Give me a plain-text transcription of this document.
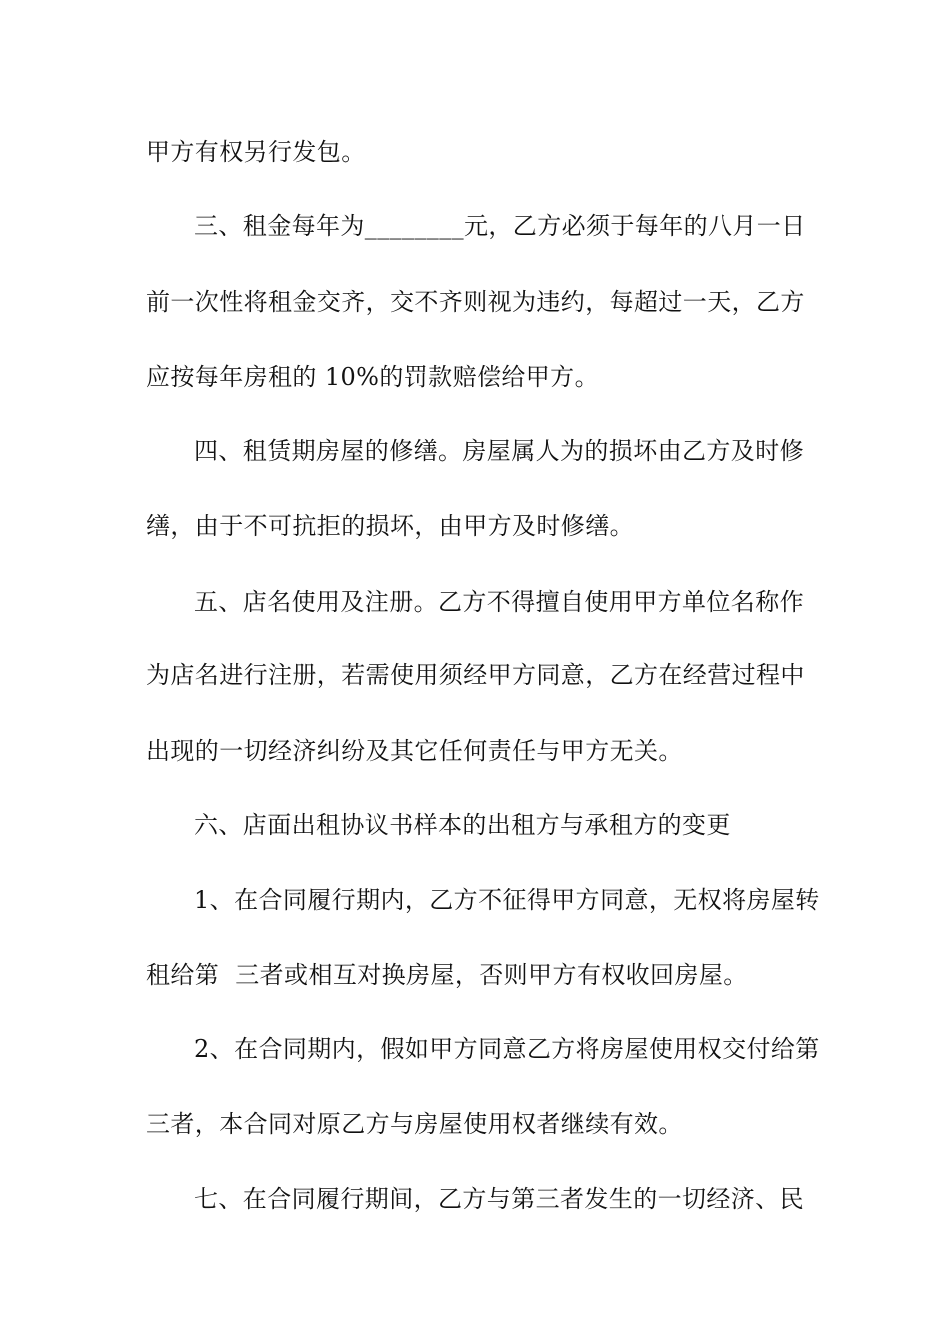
甲方有权另行发包。
三、租金每年为________元，乙方必须于每年的八月一日
前一次性将租金交齐，交不齐则视为违约，每超过一天，乙方
应按每年房租的 10%的罚款赔偿给甲方。
四、租赁期房屋的修缮。房屋属人为的损坏由乙方及时修
缮，由于不可抗拒的损坏，由甲方及时修缮。
五、店名使用及注册。乙方不得擅自使用甲方单位名称作
为店名进行注册，若需使用须经甲方同意，乙方在经营过程中
出现的一切经济纠纷及其它任何责任与甲方无关。
六、店面出租协议书样本的出租方与承租方的变更
1、在合同履行期内，乙方不征得甲方同意，无权将房屋转
租给第  三者或相互对换房屋，否则甲方有权收回房屋。
2、在合同期内，假如甲方同意乙方将房屋使用权交付给第
三者，本合同对原乙方与房屋使用权者继续有效。
七、在合同履行期间，乙方与第三者发生的一切经济、民
